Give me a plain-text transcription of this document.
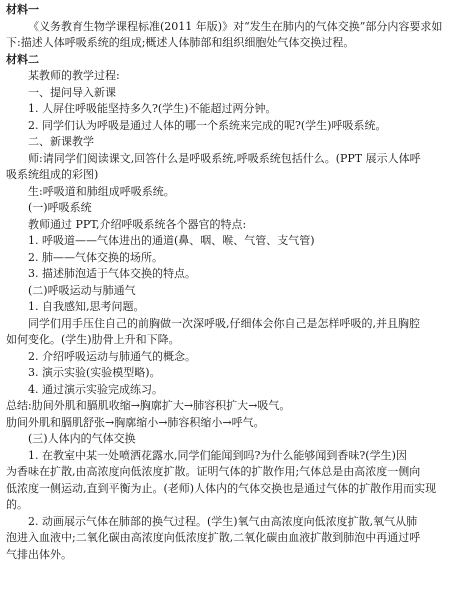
材料一
《义务教育生物学课程标准(2011 年版)》对“发生在肺内的气体交换”部分内容要求如
下:描述人体呼吸系统的组成;概述人体肺部和组织细胞处气体交换过程。
材料二
某教师的教学过程:
一、提问导入新课
1. 人屏住呼吸能坚持多久?(学生)不能超过两分钟。
2. 同学们认为呼吸是通过人体的哪一个系统来完成的呢?(学生)呼吸系统。
二、新课教学
师:请同学们阅读课文,回答什么是呼吸系统,呼吸系统包括什么。(PPT 展示人体呼
吸系统组成的彩图)
生:呼吸道和肺组成呼吸系统。
(一)呼吸系统
教师通过 PPT,介绍呼吸系统各个器官的特点:
1. 呼吸道——气体进出的通道(鼻、咽、喉、气管、支气管)
2. 肺——气体交换的场所。
3. 描述肺泡适于气体交换的特点。
(二)呼吸运动与肺通气
1. 自我感知,思考问题。
同学们用手压住自己的前胸做一次深呼吸,仔细体会你自己是怎样呼吸的,并且胸腔
如何变化。(学生)肋骨上升和下降。
2. 介绍呼吸运动与肺通气的概念。
3. 演示实验(实验模型略)。
4. 通过演示实验完成练习。
总结:肋间外肌和膈肌收缩→胸廓扩大→肺容积扩大→吸气。
肋间外肌和膈肌舒张→胸廓缩小→肺容积缩小→呼气。
(三)人体内的气体交换
1. 在教室中某一处喷洒花露水,同学们能闻到吗?为什么能够闻到香味?(学生)因
为香味在扩散,由高浓度向低浓度扩散。证明气体的扩散作用;气体总是由高浓度一侧向
低浓度一侧运动,直到平衡为止。(老师)人体内的气体交换也是通过气体的扩散作用而实现
的。
2. 动画展示气体在肺部的换气过程。(学生)氧气由高浓度向低浓度扩散,氧气从肺
泡进入血液中;二氧化碳由高浓度向低浓度扩散,二氧化碳由血液扩散到肺泡中再通过呼
气排出体外。
